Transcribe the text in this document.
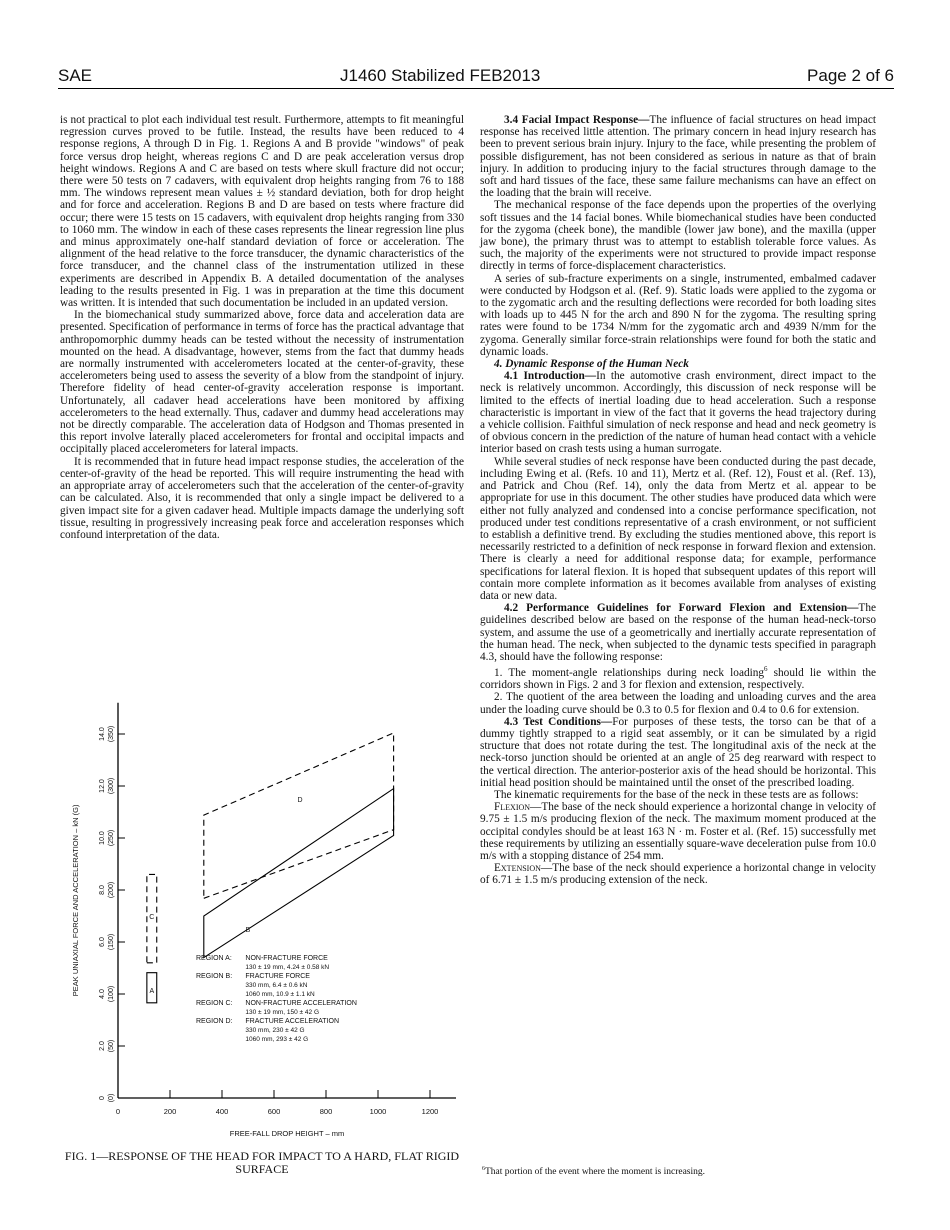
SAE	J1460 Stabilized FEB2013	Page 2 of 6

is not practical to plot each individual test result. Furthermore, attempts to fit meaningful regression curves proved to be futile. Instead, the results have been reduced to 4 response regions, A through D in Fig. 1. Regions A and B provide "windows" of peak force versus drop height, whereas regions C and D are peak acceleration versus drop height windows. Regions A and C are based on tests where skull fracture did not occur; there were 50 tests on 7 cadavers, with equivalent drop heights ranging from 76 to 188 mm. The windows represent mean values ± ½ standard deviation, both for drop height and for force and acceleration. Regions B and D are based on tests where fracture did occur; there were 15 tests on 15 cadavers, with equivalent drop heights ranging from 330 to 1060 mm. The window in each of these cases represents the linear regression line plus and minus approximately one-half standard deviation of force or acceleration. The alignment of the head relative to the force transducer, the dynamic characteristics of the force transducer, and the channel class of the instrumentation utilized in these experiments are described in Appendix B. A detailed documentation of the analyses leading to the results presented in Fig. 1 was in preparation at the time this document was written. It is intended that such documentation be included in an updated version.

In the biomechanical study summarized above, force data and acceleration data are presented. Specification of performance in terms of force has the practical advantage that anthropomorphic dummy heads can be tested without the necessity of instrumentation mounted on the head. A disadvantage, however, stems from the fact that dummy heads are normally instrumented with accelerometers located at the center-of-gravity, these accelerometers being used to assess the severity of a blow from the standpoint of injury. Therefore fidelity of head center-of-gravity acceleration response is important. Unfortunately, all cadaver head accelerations have been monitored by affixing accelerometers to the head externally. Thus, cadaver and dummy head accelerations may not be directly comparable. The acceleration data of Hodgson and Thomas presented in this report involve laterally placed accelerometers for frontal and occipital impacts and occipitally placed accelerometers for lateral impacts.

It is recommended that in future head impact response studies, the acceleration of the center-of-gravity of the head be reported. This will require instrumenting the head with an appropriate array of accelerometers such that the acceleration of the center-of-gravity can be calculated. Also, it is recommended that only a single impact be delivered to a given impact site for a given cadaver head. Multiple impacts damage the underlying soft tissue, resulting in progressively increasing peak force and acceleration responses which confound interpretation of the data.

3.4 Facial Impact Response—The influence of facial structures on head impact response has received little attention. The primary concern in head injury research has been to prevent serious brain injury. Injury to the face, while presenting the problem of possible disfigurement, has not been considered as serious in nature as that of brain injury. In addition to producing injury to the facial structures through damage to the soft and hard tissues of the face, these same failure mechanisms can have an effect on the loading that the brain will receive.

The mechanical response of the face depends upon the properties of the overlying soft tissues and the 14 facial bones. While biomechanical studies have been conducted for the zygoma (cheek bone), the mandible (lower jaw bone), and the maxilla (upper jaw bone), the primary thrust was to attempt to establish tolerable force values. As such, the majority of the experiments were not structured to provide impact response directly in terms of force-displacement characteristics.

A series of sub-fracture experiments on a single, instrumented, embalmed cadaver were conducted by Hodgson et al. (Ref. 9). Static loads were applied to the zygoma or to the zygomatic arch and the resulting deflections were recorded for both loading sites with loads up to 445 N for the arch and 890 N for the zygoma. The resulting spring rates were found to be 1734 N/mm for the zygomatic arch and 4939 N/mm for the zygoma. Generally similar force-strain relationships were found for both the static and dynamic loads.

4. Dynamic Response of the Human Neck

4.1 Introduction—In the automotive crash environment, direct impact to the neck is relatively uncommon. Accordingly, this discussion of neck response will be limited to the effects of inertial loading due to head acceleration. Such a response characteristic is important in view of the fact that it governs the head trajectory during a vehicle collision. Faithful simulation of neck response and head and neck geometry is of obvious concern in the prediction of the nature of human head contact with a vehicle interior based on crash tests using a human surrogate.

While several studies of neck response have been conducted during the past decade, including Ewing et al. (Refs. 10 and 11), Mertz et al. (Ref. 12), Foust et al. (Ref. 13), and Patrick and Chou (Ref. 14), only the data from Mertz et al. appear to be appropriate for use in this document. The other studies have produced data which were either not fully analyzed and condensed into a concise performance specification, not produced under test conditions representative of a crash environment, or not sufficient to establish a definitive trend. By excluding the studies mentioned above, this report is necessarily restricted to a definition of neck response in forward flexion and extension. There is clearly a need for additional response data; for example, performance specifications for lateral flexion. It is hoped that subsequent updates of this report will contain more complete information as it becomes available from analyses of existing data or new data.

4.2 Performance Guidelines for Forward Flexion and Extension—The guidelines described below are based on the response of the human head-neck-torso system, and assume the use of a geometrically and inertially accurate representation of the human head. The neck, when subjected to the dynamic tests specified in paragraph 4.3, should have the following response:

1. The moment-angle relationships during neck loading$^6$ should lie within the corridors shown in Figs. 2 and 3 for flexion and extension, respectively.

2. The quotient of the area between the loading and unloading curves and the area under the loading curve should be 0.3 to 0.5 for flexion and 0.4 to 0.6 for extension.

4.3 Test Conditions—For purposes of these tests, the torso can be that of a dummy tightly strapped to a rigid seat assembly, or it can be simulated by a rigid structure that does not rotate during the test. The longitudinal axis of the neck at the neck-torso junction should be oriented at an angle of 25 deg rearward with respect to the vertical direction. The anterior-posterior axis of the head should be horizontal. This initial head position should be maintained until the onset of the prescribed loading.

The kinematic requirements for the base of the neck in these tests are as follows:

Flexion—The base of the neck should experience a horizontal change in velocity of 9.75 ± 1.5 m/s producing flexion of the neck. The maximum moment produced at the occipital condyles should be at least 163 N · m. Foster et al. (Ref. 15) successfully met these requirements by utilizing an essentially square-wave deceleration pulse from 10.0 m/s with a stopping distance of 254 mm.

Extension—The base of the neck should experience a horizontal change in velocity of 6.71 ± 1.5 m/s producing extension of the neck.

$^6$That portion of the event where the moment is increasing.
0	200	400	600	800	1000	1200
0 (0)
2.0 (50)
4.0 (100)
6.0 (150)
8.0 (200)
10.0 (250)
12.0 (300)
14.0 (350)
FREE-FALL DROP HEIGHT – mm
PEAK UNIAXIAL FORCE AND ACCELERATION – kN (G)	A
B
C
D
REGION A: NON-FRACTURE FORCE
130 ± 19 mm, 4.24 ± 0.58 kN
REGION B: FRACTURE FORCE
330 mm, 6.4 ± 0.6 kN
1060 mm, 10.9 ± 1.1 kN
REGION C: NON-FRACTURE ACCELERATION
130 ± 19 mm, 150 ± 42 G
REGION D: FRACTURE ACCELERATION
330 mm, 230 ± 42 G
1060 mm, 293 ± 42 G
FIG. 1—RESPONSE OF THE HEAD FOR IMPACT TO A HARD, FLAT RIGID SURFACE
